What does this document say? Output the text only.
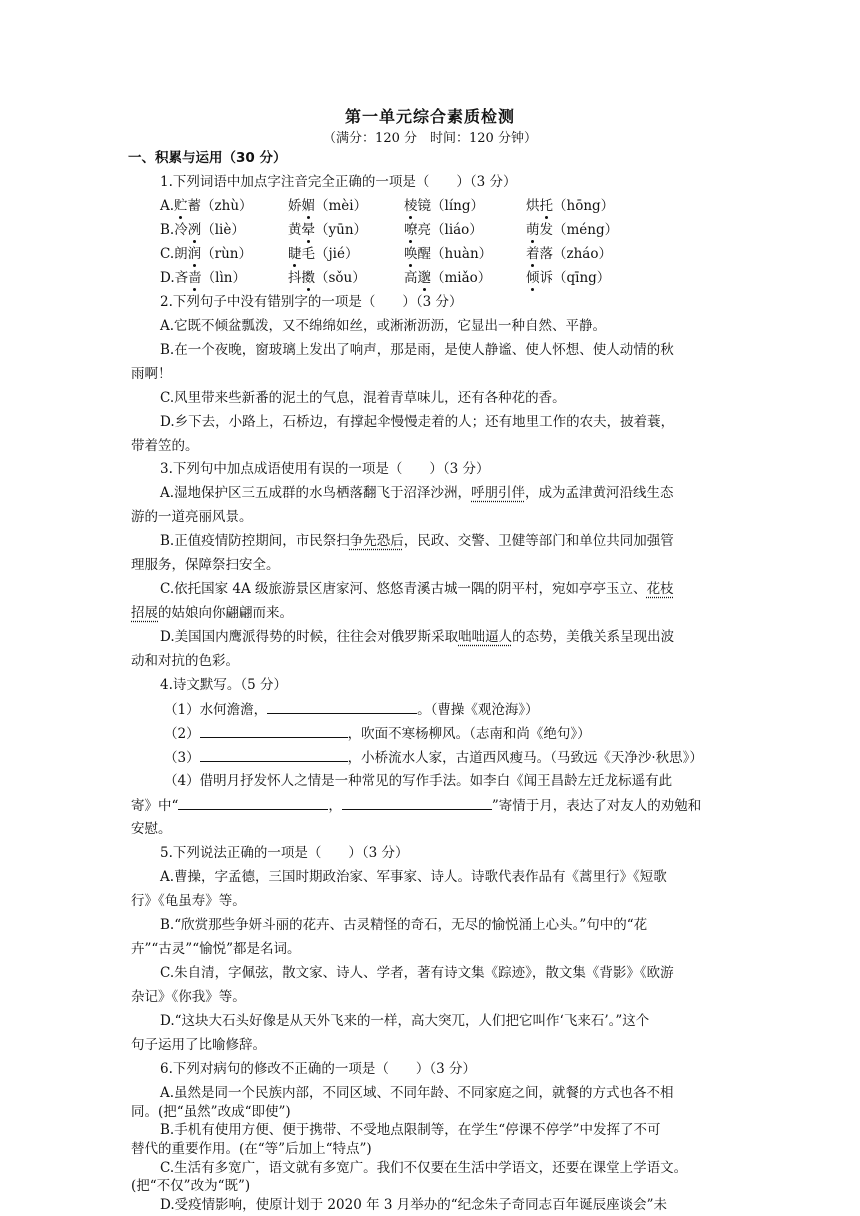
第一单元综合素质检测
（满分：120 分　时间：120 分钟）
一、积累与运用（30 分）
1.下列词语中加点字注音完全正确的一项是（　　）（3 分）
A.贮蓄（zhù）	娇媚（mèi）	棱镜（líng）	烘托（hōng）
B.冷冽（liè）	黄晕（yūn）	嘹亮（liáo）	萌发（méng）
C.朗润（rùn）	睫毛（jié）	唤醒（huàn）	着落（zháo）
D.吝啬（lìn）	抖擞（sǒu）	高邈（miǎo）	倾诉（qīng）
2.下列句子中没有错别字的一项是（　　）（3 分）
A.它既不倾盆瓢泼，又不绵绵如丝，或淅淅沥沥，它显出一种自然、平静。
B.在一个夜晚，窗玻璃上发出了响声，那是雨，是使人静谧、使人怀想、使人动情的秋
雨啊！
C.风里带来些新番的泥土的气息，混着青草味儿，还有各种花的香。
D.乡下去，小路上，石桥边，有撑起伞慢慢走着的人；还有地里工作的农夫，披着蓑，
带着笠的。
3.下列句中加点成语使用有误的一项是（　　）（3 分）
A.湿地保护区三五成群的水鸟栖落翻飞于沼泽沙洲，呼朋引伴，成为孟津黄河沿线生态
游的一道亮丽风景。
B.正值疫情防控期间，市民祭扫争先恐后，民政、交警、卫健等部门和单位共同加强管
理服务，保障祭扫安全。
C.依托国家 4A 级旅游景区唐家河、悠悠青溪古城一隅的阴平村，宛如亭亭玉立、花枝
招展的姑娘向你翩翩而来。
D.美国国内鹰派得势的时候，往往会对俄罗斯采取咄咄逼人的态势，美俄关系呈现出波
动和对抗的色彩。
4.诗文默写。（5 分）
（1）水何澹澹，	。（曹操《观沧海》）
（2）	，吹面不寒杨柳风。（志南和尚《绝句》）
（3）	，小桥流水人家，古道西风瘦马。（马致远《天净沙·秋思》）
（4）借明月抒发怀人之情是一种常见的写作手法。如李白《闻王昌龄左迁龙标遥有此
寄》中“	，	”寄情于月，表达了对友人的劝勉和
安慰。
5.下列说法正确的一项是（　　）（3 分）
A.曹操，字孟德，三国时期政治家、军事家、诗人。诗歌代表作品有《蒿里行》《短歌
行》《龟虽寿》等。
B.“欣赏那些争妍斗丽的花卉、古灵精怪的奇石，无尽的愉悦涌上心头。”句中的“花
卉”“古灵”“愉悦”都是名词。
C.朱自清，字佩弦，散文家、诗人、学者，著有诗文集《踪迹》，散文集《背影》《欧游
杂记》《你我》等。
D.“这块大石头好像是从天外飞来的一样，高大突兀，人们把它叫作‘飞来石’。”这个
句子运用了比喻修辞。
6.下列对病句的修改不正确的一项是（　　）（3 分）
A.虽然是同一个民族内部，不同区域、不同年龄、不同家庭之间，就餐的方式也各不相
同。(把“虽然”改成“即使”)
B.手机有使用方便、便于携带、不受地点限制等，在学生“停课不停学”中发挥了不可
替代的重要作用。(在“等”后加上“特点”)
C.生活有多宽广，语文就有多宽广。我们不仅要在生活中学语文，还要在课堂上学语文。
(把“不仅”改为“既”)
D.受疫情影响，使原计划于 2020 年 3 月举办的“纪念朱子奇同志百年诞辰座谈会”未
